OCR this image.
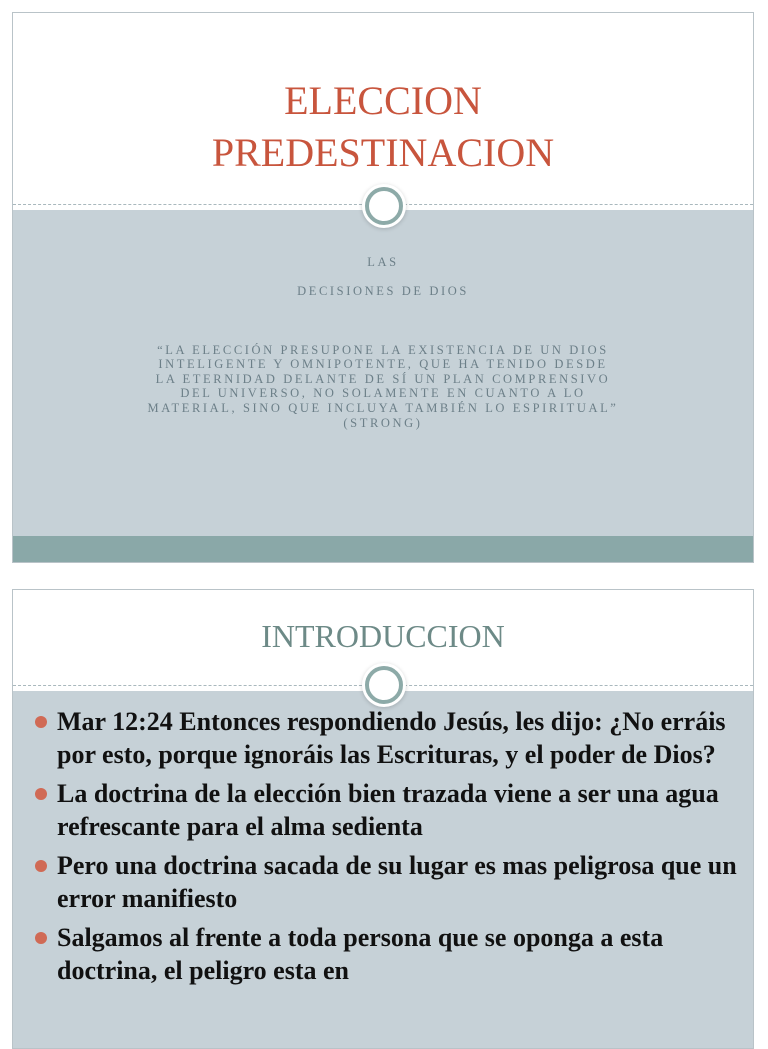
ELECCION
PREDESTINACION

LAS

DECISIONES DE DIOS

“LA ELECCIÓN PRESUPONE LA EXISTENCIA DE UN DIOS
INTELIGENTE Y OMNIPOTENTE, QUE HA TENIDO DESDE
LA ETERNIDAD DELANTE DE SÍ UN PLAN COMPRENSIVO
DEL UNIVERSO, NO SOLAMENTE EN CUANTO A LO
MATERIAL, SINO QUE INCLUYA TAMBIÉN LO ESPIRITUAL”
(STRONG)

INTRODUCCION
Mar 12:24 Entonces respondiendo Jesús, les dijo: ¿No erráis por esto, porque ignoráis las Escrituras, y el poder de Dios?
La doctrina de la elección bien trazada viene a ser una agua refrescante para el alma sedienta
Pero una doctrina sacada de su lugar es mas peligrosa que un error manifiesto
Salgamos al frente a toda persona que se oponga a esta doctrina, el peligro esta en
